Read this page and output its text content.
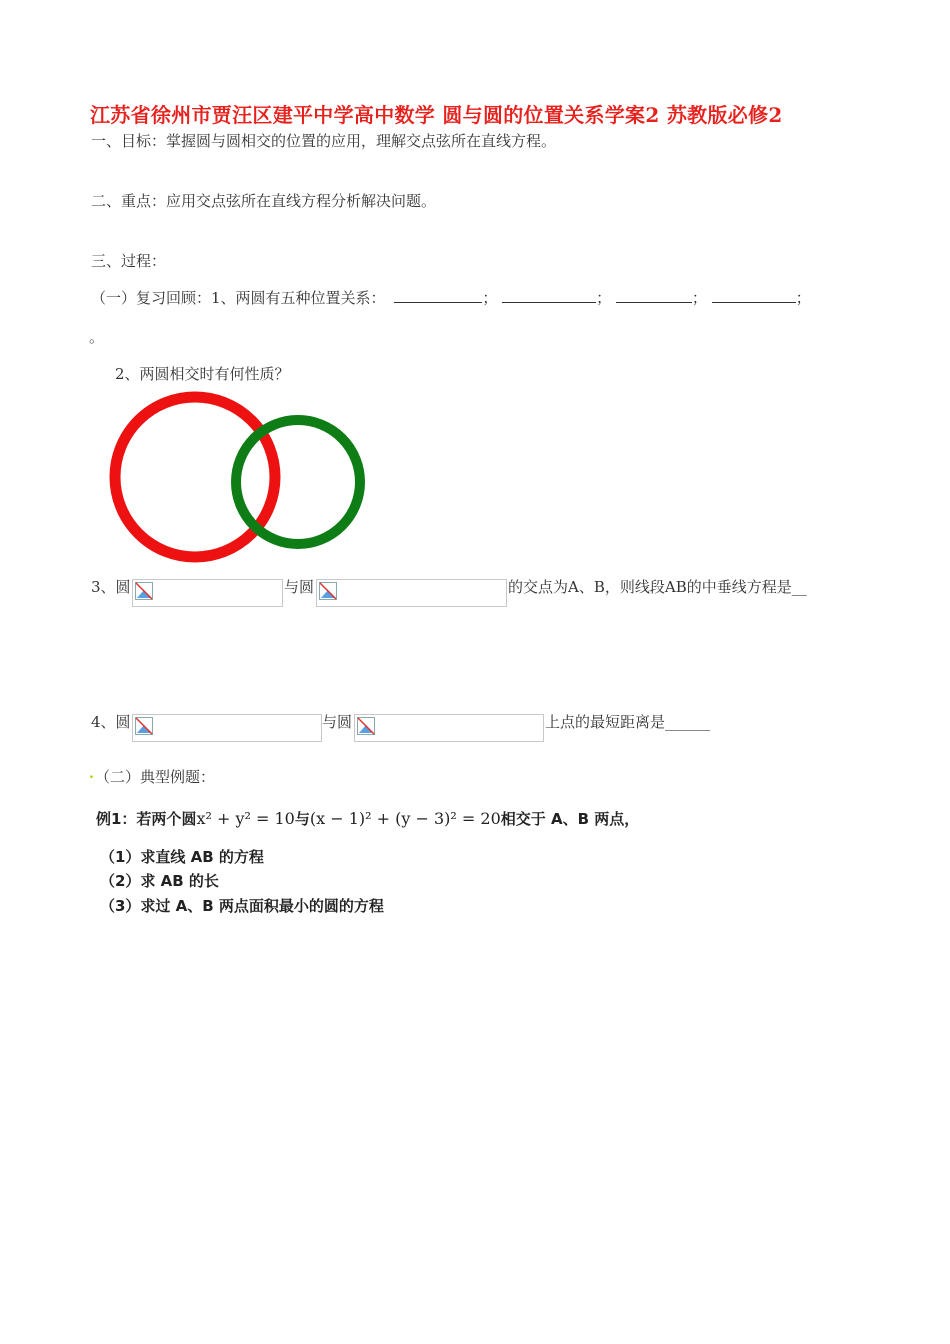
江苏省徐州市贾汪区建平中学高中数学 圆与圆的位置关系学案2 苏教版必修2
一、目标：掌握圆与圆相交的位置的应用，理解交点弦所在直线方程。
二、重点：应用交点弦所在直线方程分析解决问题。
三、过程：
（一）复习回顾：1、两圆有五种位置关系：	；	；	；	；
。
2、两圆相交时有何性质？
3、圆	与圆	的交点为A、B，则线段AB的中垂线方程是__
4、圆	与圆	上点的最短距离是______
. （二）典型例题：
例1：若两个圆x² + y² = 10与(x − 1)² + (y − 3)² = 20相交于 A、B 两点，
（1）求直线 AB 的方程
（2）求 AB 的长
（3）求过 A、B 两点面积最小的圆的方程
